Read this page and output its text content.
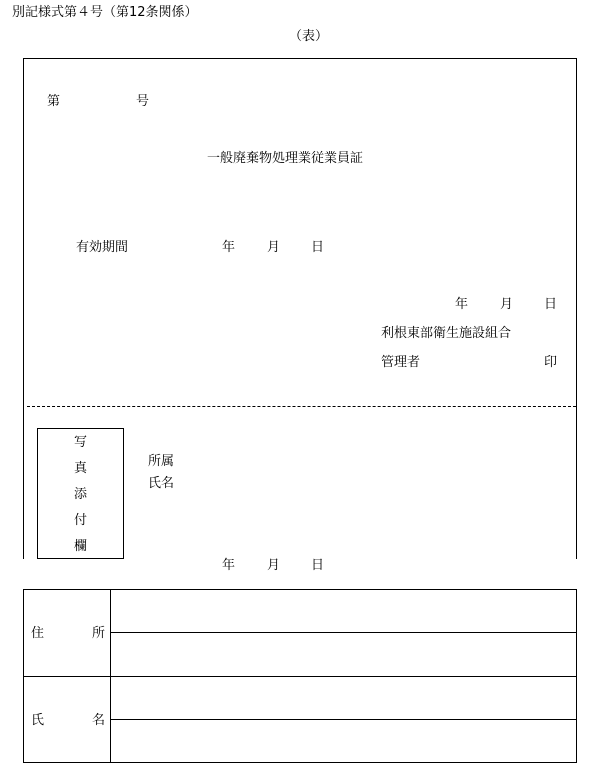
別記様式第４号（第12条関係）
（表）
第	号
一般廃棄物処理業従業員証
有効期間	年 月 日
年 月 日
利根東部衛生施設組合
管理者	印
写
真
添
付
欄
所属
氏名
年 月 日
住	所
氏	名
